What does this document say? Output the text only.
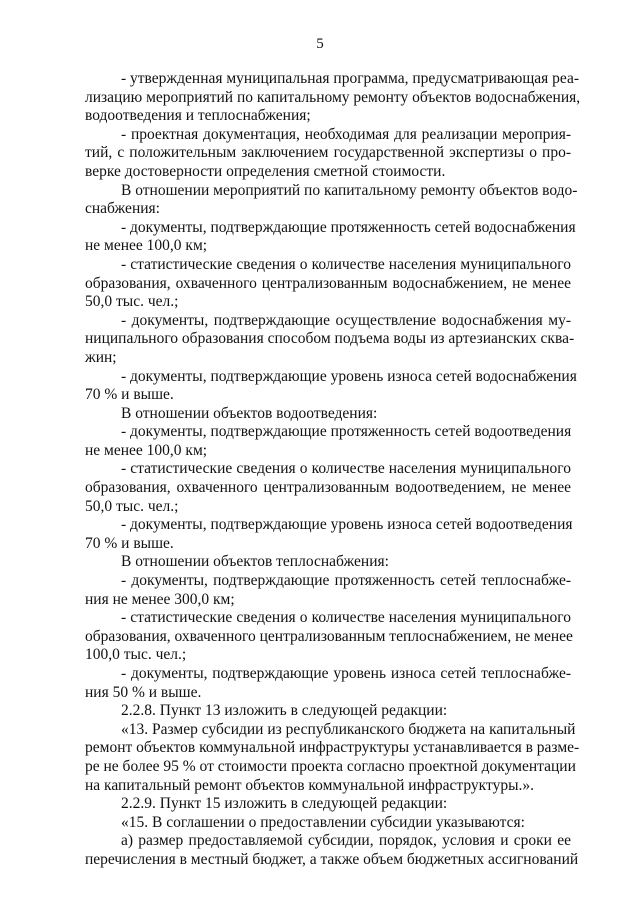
5
- утвержденная муниципальная программа, предусматривающая реа-
лизацию мероприятий по капитальному ремонту объектов водоснабжения,
водоотведения и теплоснабжения;
- проектная документация, необходимая для реализации мероприя-
тий, с положительным заключением государственной экспертизы о про-
верке достоверности определения сметной стоимости.
В отношении мероприятий по капитальному ремонту объектов водо-
снабжения:
- документы, подтверждающие протяженность сетей водоснабжения
не менее 100,0 км;
- статистические сведения о количестве населения муниципального
образования, охваченного централизованным водоснабжением, не менее
50,0 тыс. чел.;
- документы, подтверждающие осуществление водоснабжения му-
ниципального образования способом подъема воды из артезианских сква-
жин;
- документы, подтверждающие уровень износа сетей водоснабжения
70 % и выше.
В отношении объектов водоотведения:
- документы, подтверждающие протяженность сетей водоотведения
не менее 100,0 км;
- статистические сведения о количестве населения муниципального
образования, охваченного централизованным водоотведением, не менее
50,0 тыс. чел.;
- документы, подтверждающие уровень износа сетей водоотведения
70 % и выше.
В отношении объектов теплоснабжения:
- документы, подтверждающие протяженность сетей теплоснабже-
ния не менее 300,0 км;
- статистические сведения о количестве населения муниципального
образования, охваченного централизованным теплоснабжением, не менее
100,0 тыс. чел.;
- документы, подтверждающие уровень износа сетей теплоснабже-
ния 50 % и выше.
2.2.8. Пункт 13 изложить в следующей редакции:
«13. Размер субсидии из республиканского бюджета на капитальный
ремонт объектов коммунальной инфраструктуры устанавливается в разме-
ре не более 95 % от стоимости проекта согласно проектной документации
на капитальный ремонт объектов коммунальной инфраструктуры.».
2.2.9. Пункт 15 изложить в следующей редакции:
«15. В соглашении о предоставлении субсидии указываются:
а) размер предоставляемой субсидии, порядок, условия и сроки ее
перечисления в местный бюджет, а также объем бюджетных ассигнований
